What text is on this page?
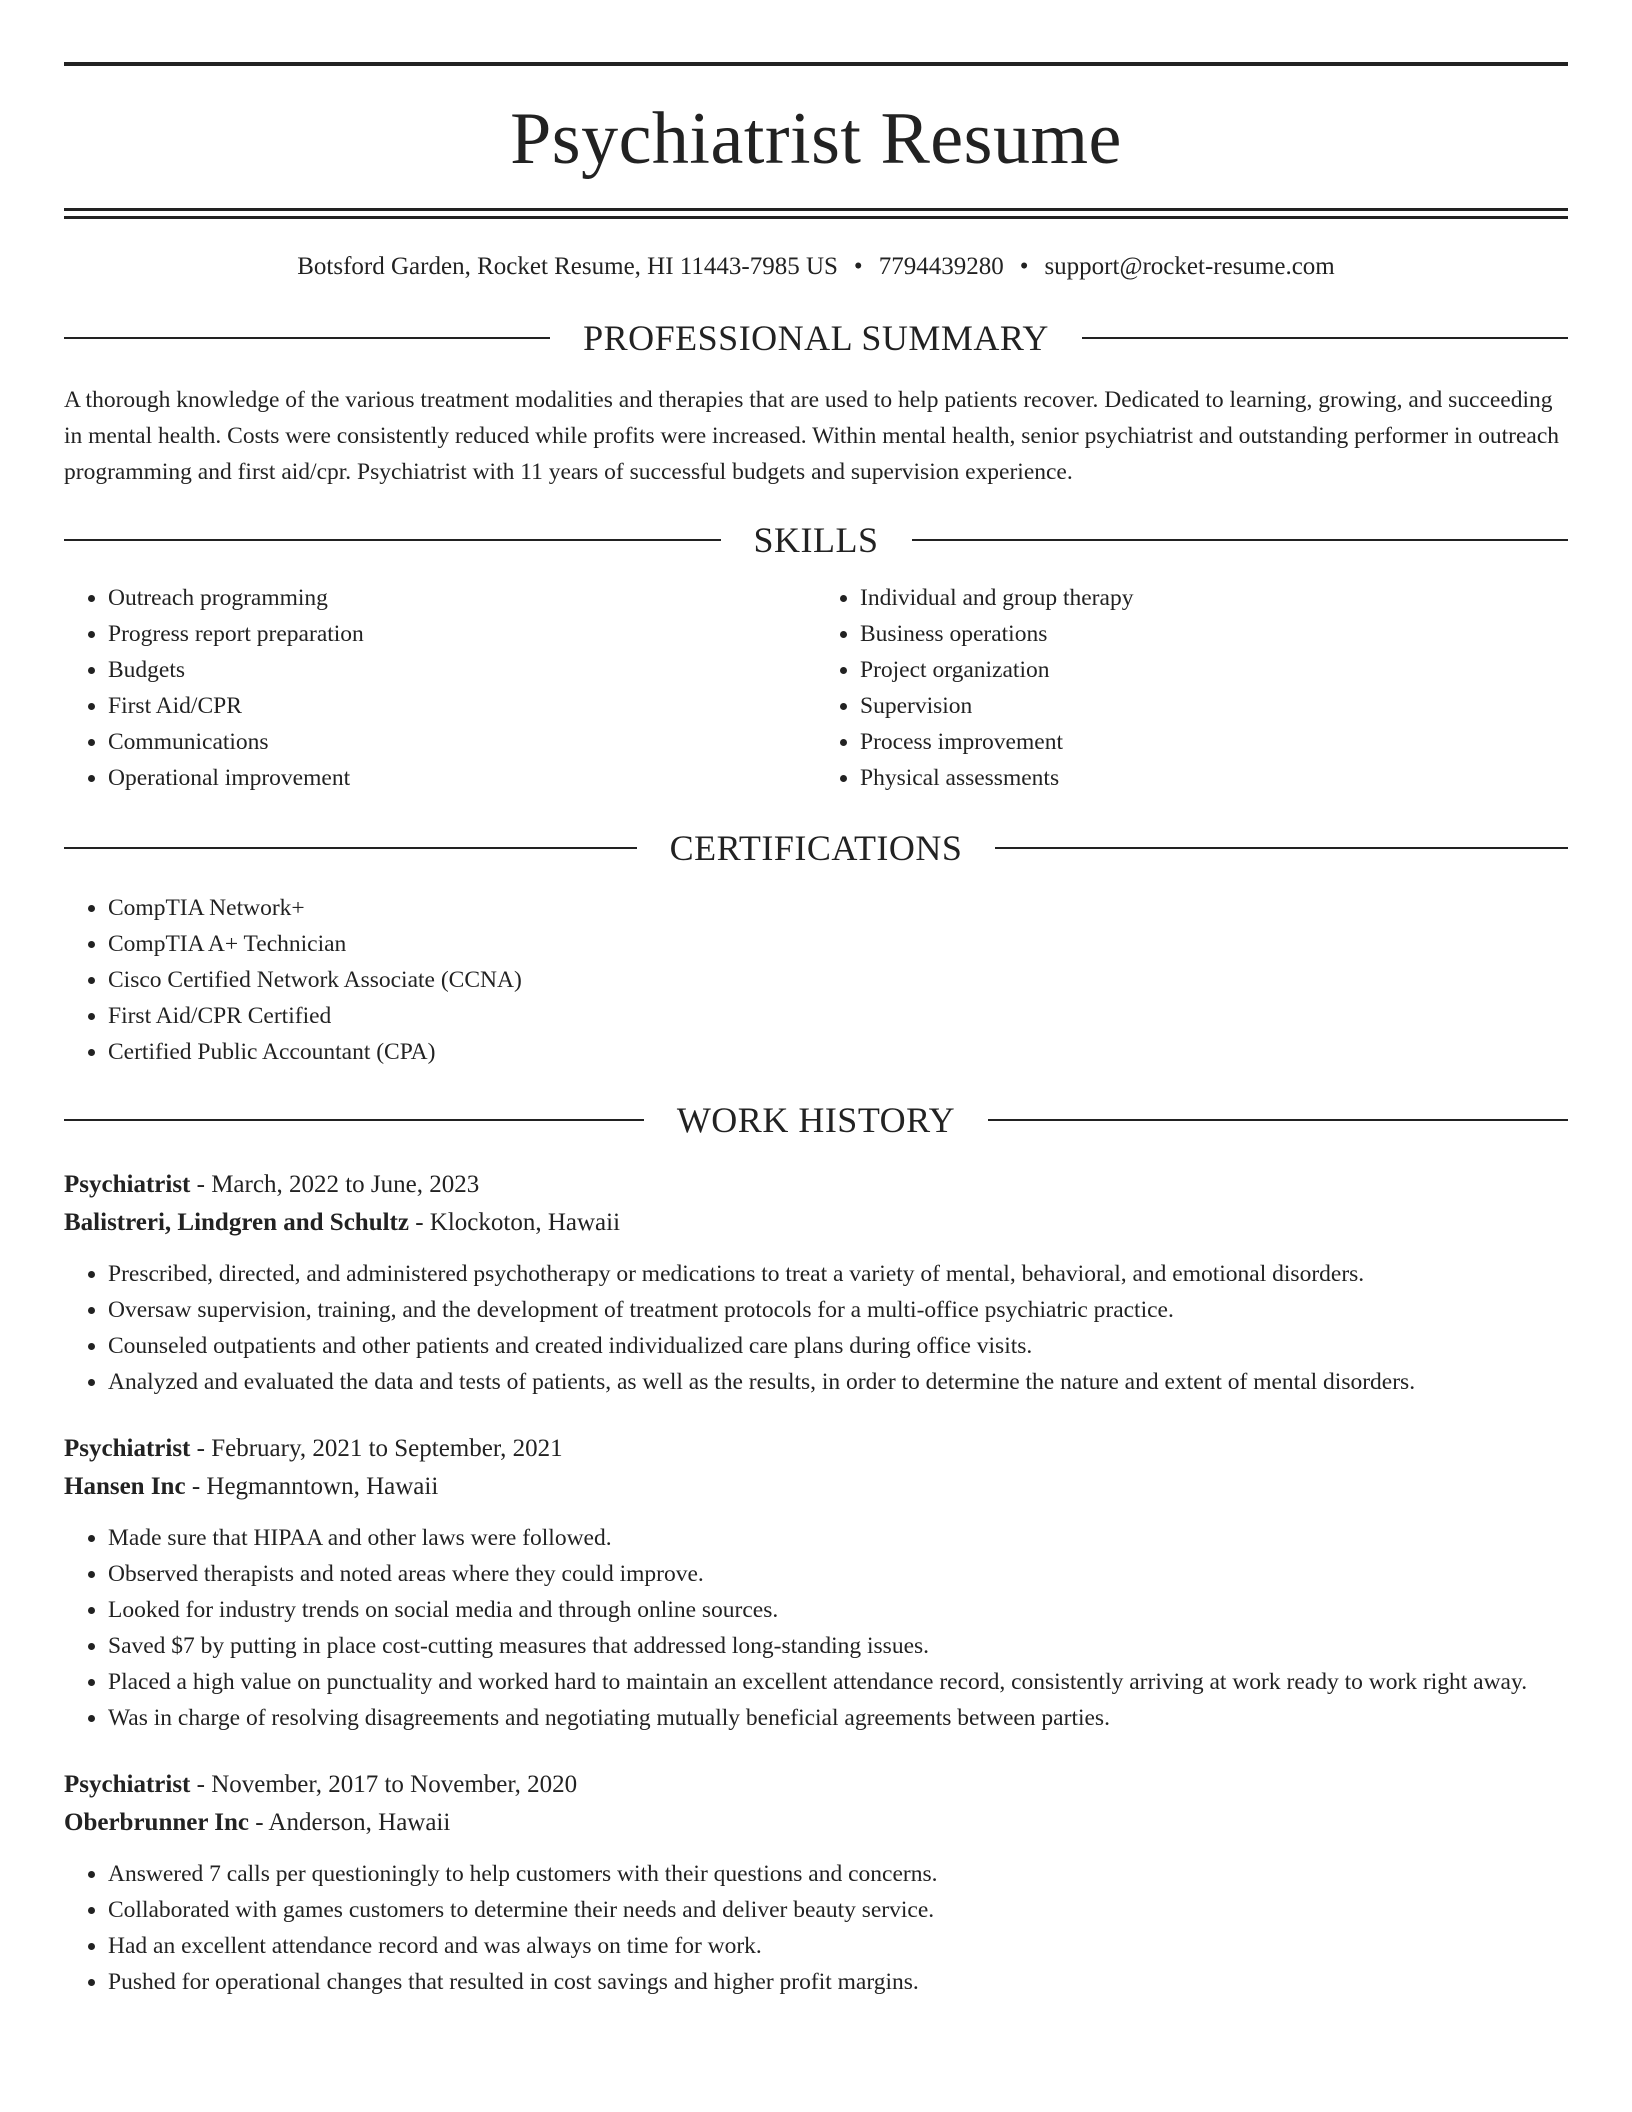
Psychiatrist Resume
Botsford Garden, Rocket Resume, HI 11443-7985 US • 7794439280 • support@rocket-resume.com
PROFESSIONAL SUMMARY

A thorough knowledge of the various treatment modalities and therapies that are used to help patients recover. Dedicated to learning, growing, and succeeding in mental health. Costs were consistently reduced while profits were increased. Within mental health, senior psychiatrist and outstanding performer in outreach programming and first aid/cpr. Psychiatrist with 11 years of successful budgets and supervision experience.

SKILLS
• Outreach programming
• Progress report preparation
• Budgets
• First Aid/CPR
• Communications
• Operational improvement
• Individual and group therapy
• Business operations
• Project organization
• Supervision
• Process improvement
• Physical assessments
CERTIFICATIONS
• CompTIA Network+
• CompTIA A+ Technician
• Cisco Certified Network Associate (CCNA)
• First Aid/CPR Certified
• Certified Public Accountant (CPA)
WORK HISTORY
Psychiatrist - March, 2022 to June, 2023
Balistreri, Lindgren and Schultz - Klockoton, Hawaii
• Prescribed, directed, and administered psychotherapy or medications to treat a variety of mental, behavioral, and emotional disorders.
• Oversaw supervision, training, and the development of treatment protocols for a multi-office psychiatric practice.
• Counseled outpatients and other patients and created individualized care plans during office visits.
• Analyzed and evaluated the data and tests of patients, as well as the results, in order to determine the nature and extent of mental disorders.
Psychiatrist - February, 2021 to September, 2021
Hansen Inc - Hegmanntown, Hawaii
• Made sure that HIPAA and other laws were followed.
• Observed therapists and noted areas where they could improve.
• Looked for industry trends on social media and through online sources.
• Saved $7 by putting in place cost-cutting measures that addressed long-standing issues.
• Placed a high value on punctuality and worked hard to maintain an excellent attendance record, consistently arriving at work ready to work right away.
• Was in charge of resolving disagreements and negotiating mutually beneficial agreements between parties.
Psychiatrist - November, 2017 to November, 2020
Oberbrunner Inc - Anderson, Hawaii
• Answered 7 calls per questioningly to help customers with their questions and concerns.
• Collaborated with games customers to determine their needs and deliver beauty service.
• Had an excellent attendance record and was always on time for work.
• Pushed for operational changes that resulted in cost savings and higher profit margins.
